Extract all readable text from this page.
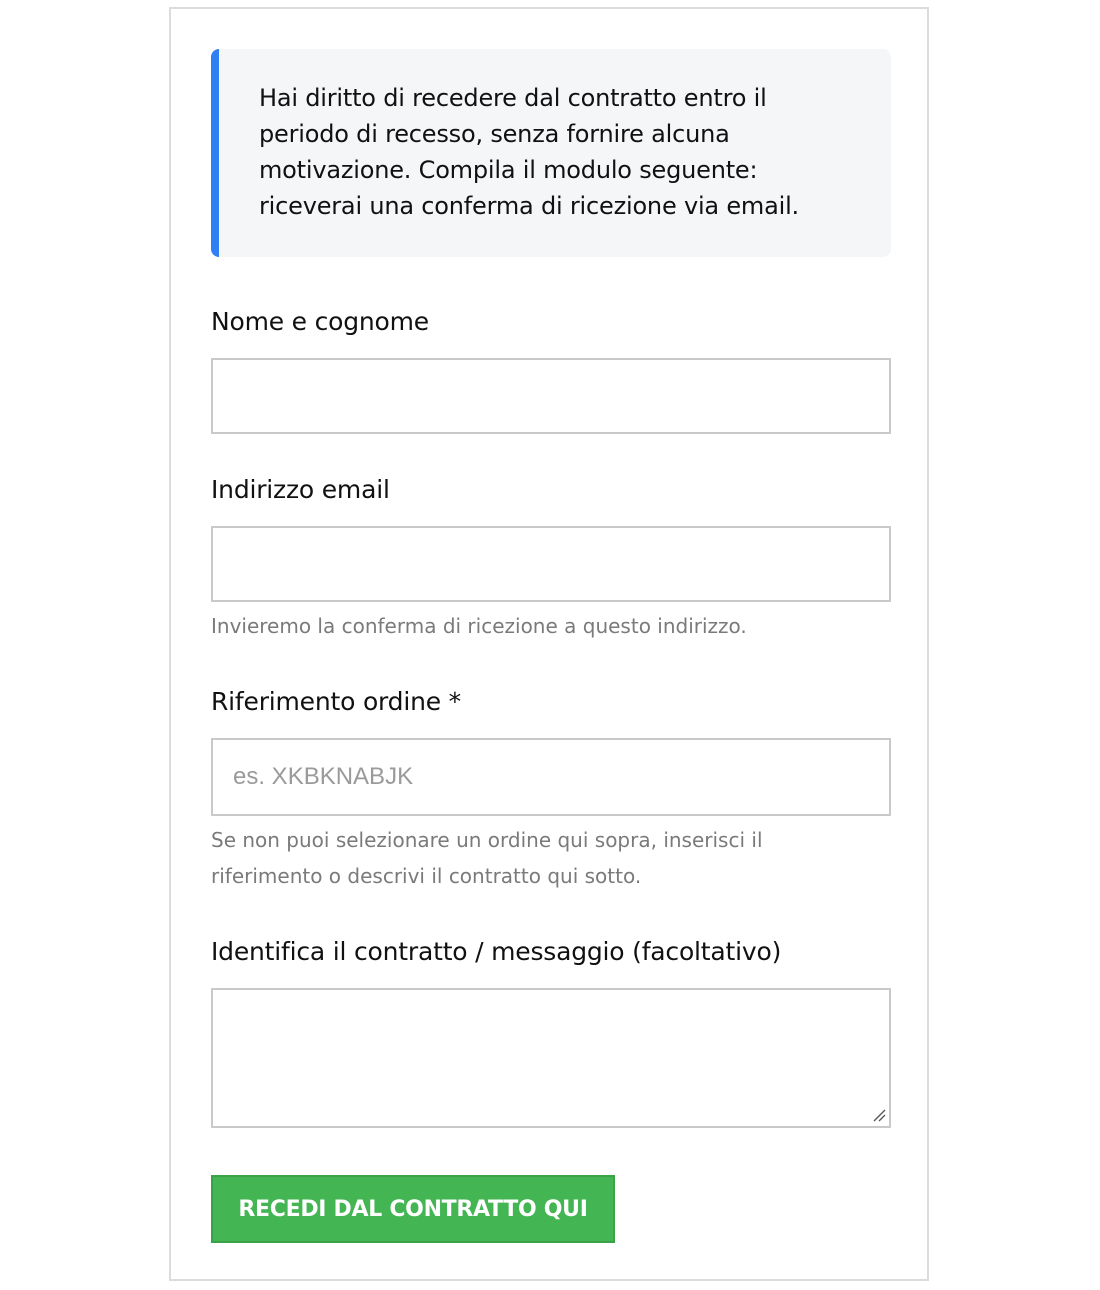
Hai diritto di recedere dal contratto entro il
periodo di recesso, senza fornire alcuna
motivazione. Compila il modulo seguente:
riceverai una conferma di ricezione via email.
Nome e cognome
Indirizzo email
Invieremo la conferma di ricezione a questo indirizzo.
Riferimento ordine *
es. XKBKNABJK
Se non puoi selezionare un ordine qui sopra, inserisci il
riferimento o descrivi il contratto qui sotto.
Identifica il contratto / messaggio (facoltativo)
RECEDI DAL CONTRATTO QUI
